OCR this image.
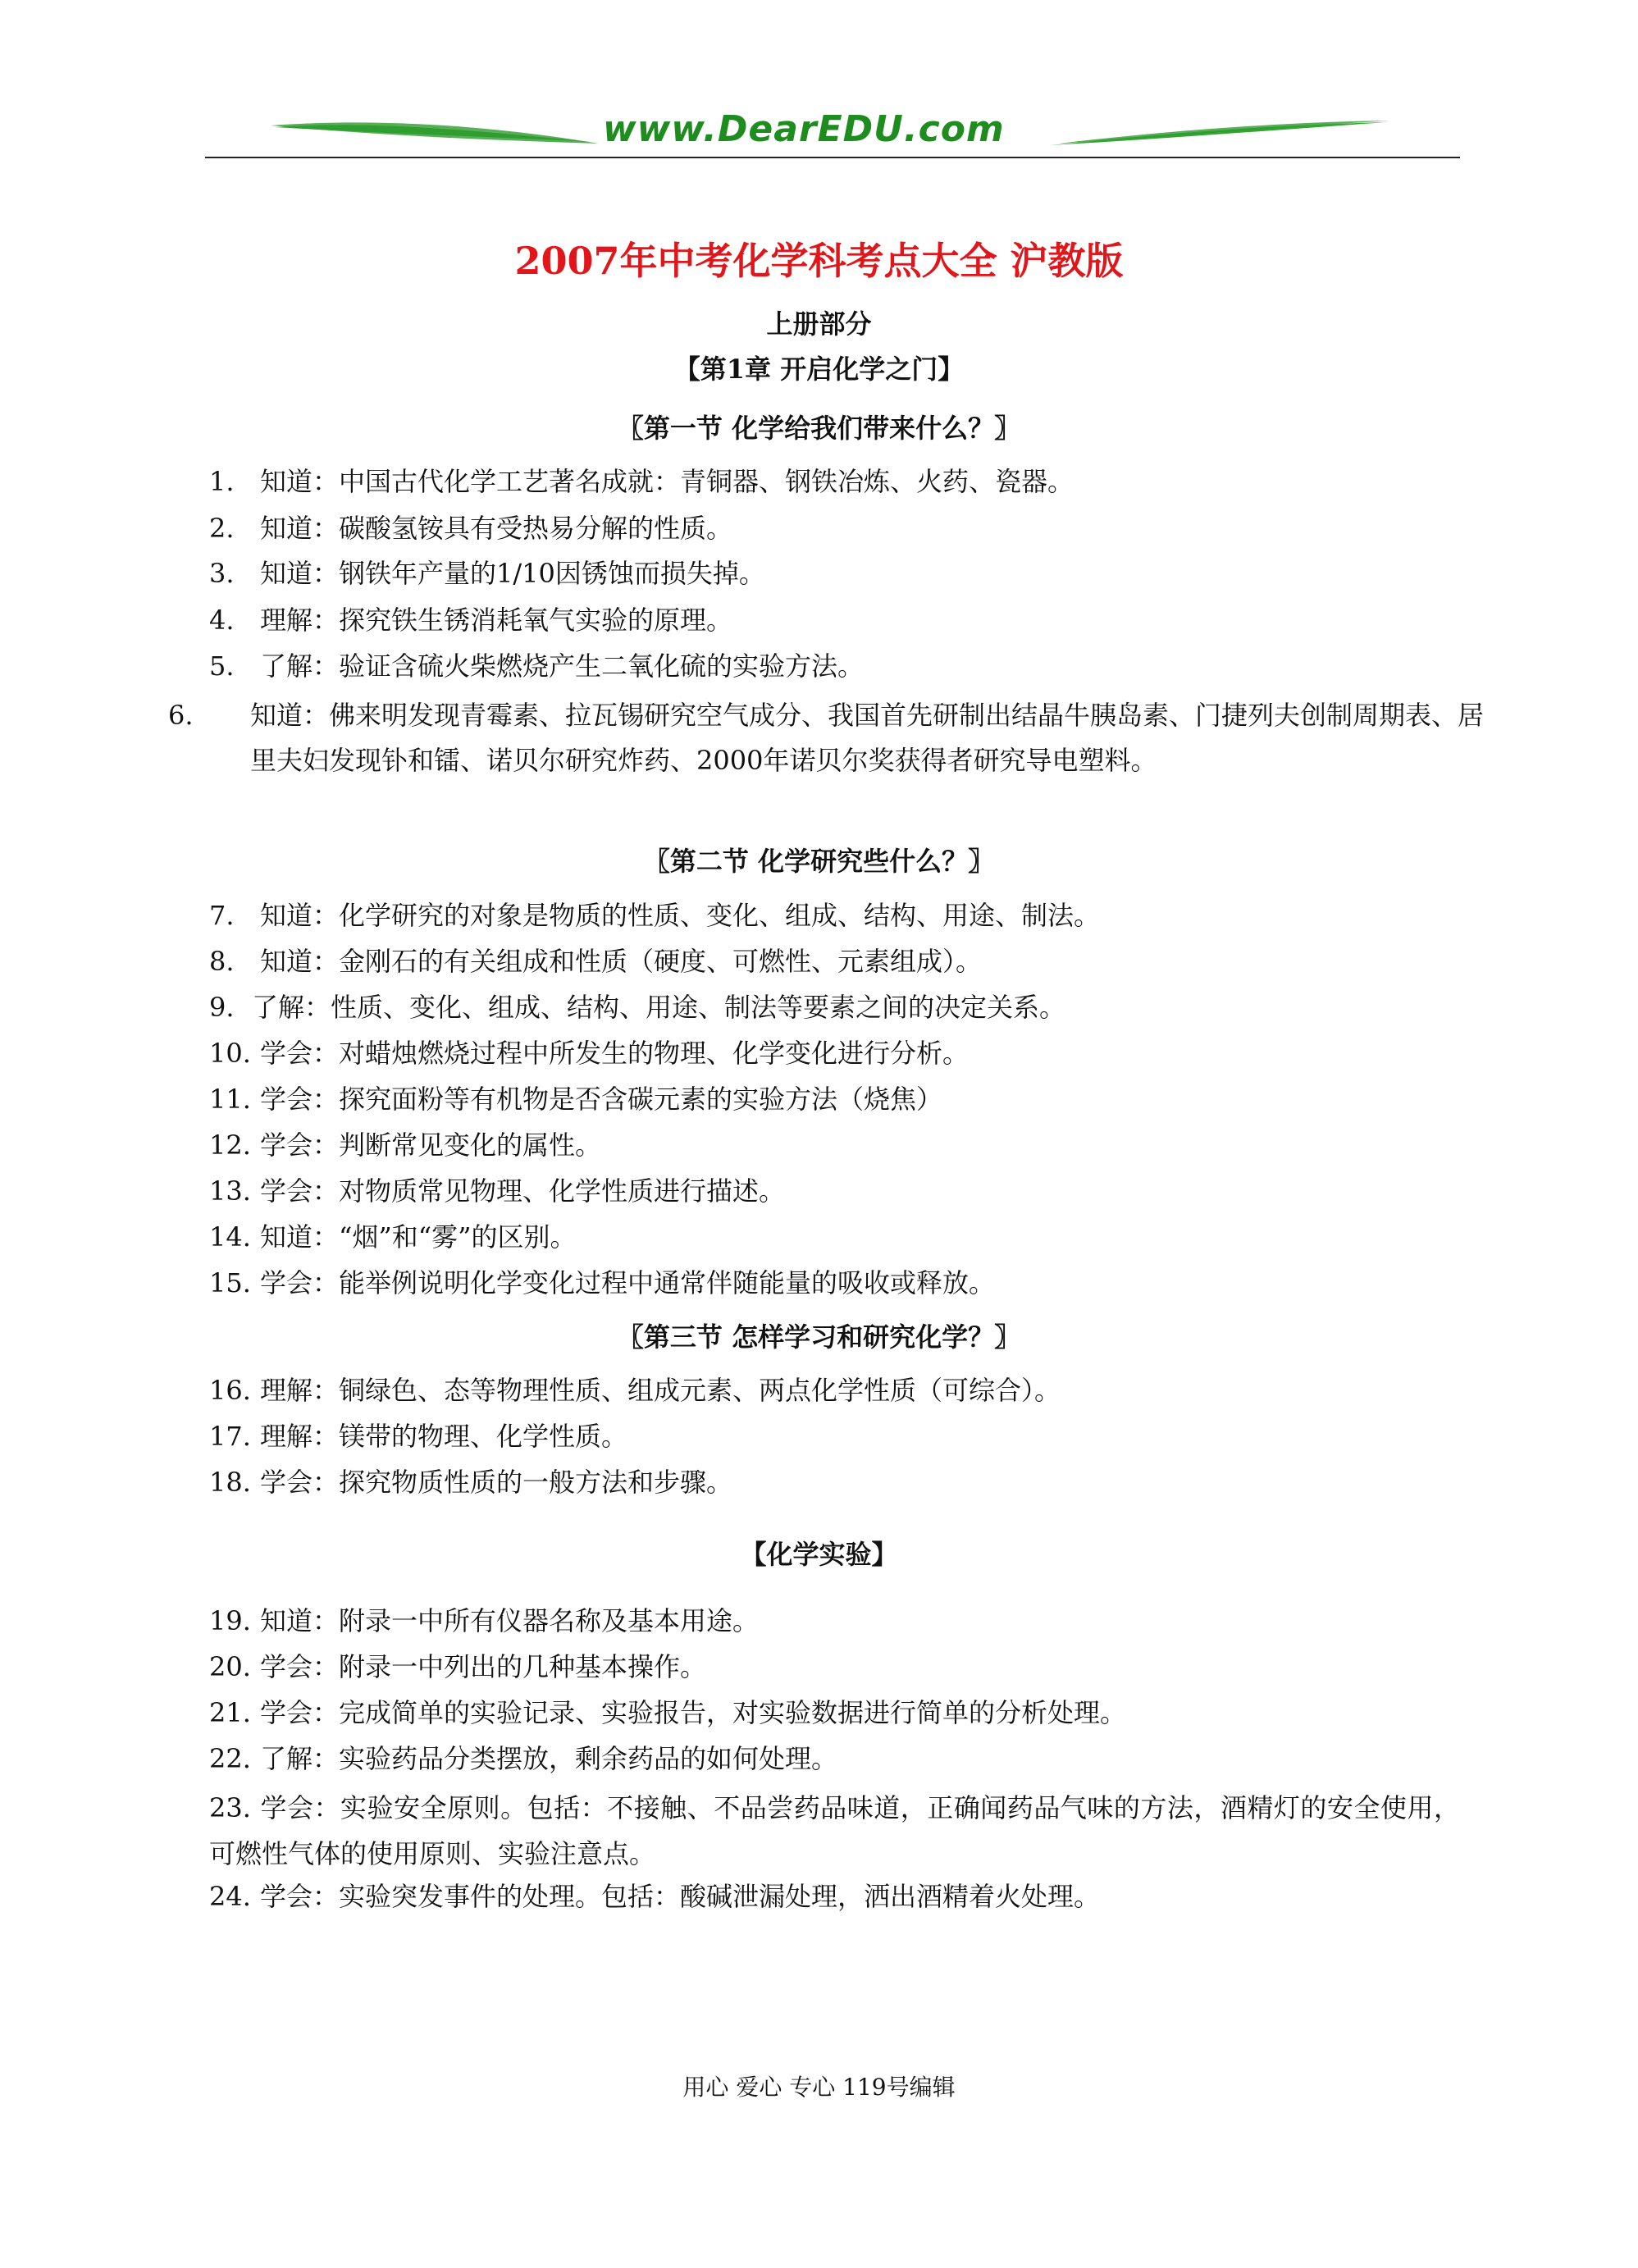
www.DearEDU.com
2007年中考化学科考点大全 沪教版
上册部分
【第1章 开启化学之门】
〖第一节 化学给我们带来什么？〗
1. 知道：中国古代化学工艺著名成就：青铜器、钢铁冶炼、火药、瓷器。
2. 知道：碳酸氢铵具有受热易分解的性质。
3. 知道：钢铁年产量的1/10因锈蚀而损失掉。
4. 理解：探究铁生锈消耗氧气实验的原理。
5. 了解：验证含硫火柴燃烧产生二氧化硫的实验方法。
6. 知道：佛来明发现青霉素、拉瓦锡研究空气成分、我国首先研制出结晶牛胰岛素、门捷列夫创制周期表、居里夫妇发现钋和镭、诺贝尔研究炸药、2000年诺贝尔奖获得者研究导电塑料。
〖第二节 化学研究些什么？〗
7. 知道：化学研究的对象是物质的性质、变化、组成、结构、用途、制法。
8. 知道：金刚石的有关组成和性质（硬度、可燃性、元素组成）。
9. 了解：性质、变化、组成、结构、用途、制法等要素之间的决定关系。
10. 学会：对蜡烛燃烧过程中所发生的物理、化学变化进行分析。
11. 学会：探究面粉等有机物是否含碳元素的实验方法（烧焦）
12. 学会：判断常见变化的属性。
13. 学会：对物质常见物理、化学性质进行描述。
14. 知道：“烟”和“雾”的区别。
15. 学会：能举例说明化学变化过程中通常伴随能量的吸收或释放。
〖第三节 怎样学习和研究化学？〗
16. 理解：铜绿色、态等物理性质、组成元素、两点化学性质（可综合）。
17. 理解：镁带的物理、化学性质。
18. 学会：探究物质性质的一般方法和步骤。
【化学实验】
19. 知道：附录一中所有仪器名称及基本用途。
20. 学会：附录一中列出的几种基本操作。
21. 学会：完成简单的实验记录、实验报告，对实验数据进行简单的分析处理。
22. 了解：实验药品分类摆放，剩余药品的如何处理。
23. 学会：实验安全原则。包括：不接触、不品尝药品味道，正确闻药品气味的方法，酒精灯的安全使用，可燃性气体的使用原则、实验注意点。
24. 学会：实验突发事件的处理。包括：酸碱泄漏处理，洒出酒精着火处理。
用心 爱心 专心 119号编辑
